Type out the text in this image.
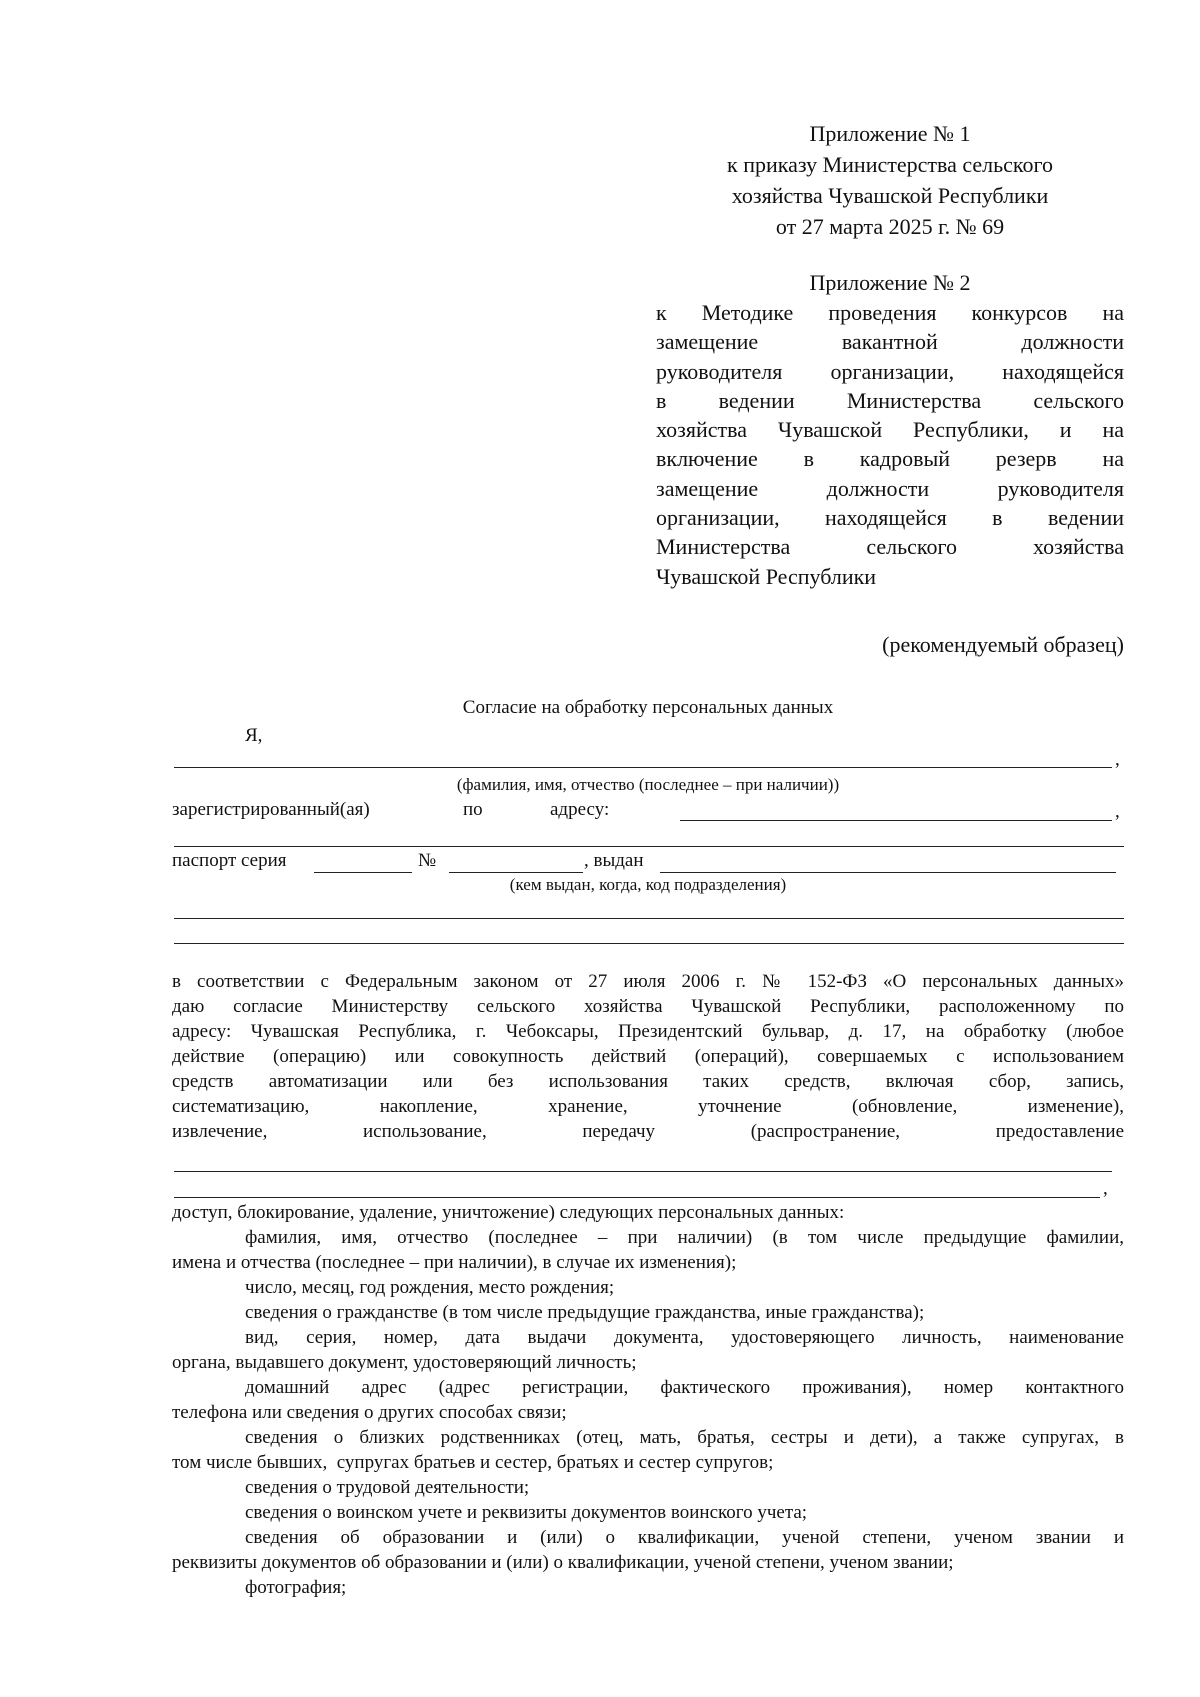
Приложение № 1
к приказу Министерства сельского
хозяйства Чувашской Республики
от 27 марта 2025 г. № 69
Приложение № 2
к Методике проведения конкурсов на
замещение вакантной должности
руководителя организации, находящейся
в ведении Министерства сельского
хозяйства Чувашской Республики, и на
включение в кадровый резерв на
замещение должности руководителя
организации, находящейся в ведении
Министерства сельского хозяйства
Чувашской Республики
(рекомендуемый образец)
Согласие на обработку персональных данных
Я,
,
(фамилия, имя, отчество (последнее – при наличии))
зарегистрированный(ая)	по	адресу:	,
паспорт серия	№	, выдан
(кем выдан, когда, код подразделения)
в соответствии с Федеральным законом от 27 июля 2006 г. № 152-ФЗ «О персональных данных»
даю согласие Министерству сельского хозяйства Чувашской Республики, расположенному по
адресу: Чувашская Республика, г. Чебоксары, Президентский бульвар, д. 17, на обработку (любое
действие (операцию) или совокупность действий (операций), совершаемых с использованием
средств автоматизации или без использования таких средств, включая сбор, запись,
систематизацию, накопление, хранение, уточнение (обновление, изменение),
извлечение, использование, передачу (распространение, предоставление
,
доступ, блокирование, удаление, уничтожение) следующих персональных данных:
фамилия, имя, отчество (последнее – при наличии) (в том числе предыдущие фамилии,
имена и отчества (последнее – при наличии), в случае их изменения);
число, месяц, год рождения, место рождения;
сведения о гражданстве (в том числе предыдущие гражданства, иные гражданства);
вид, серия, номер, дата выдачи документа, удостоверяющего личность, наименование
органа, выдавшего документ, удостоверяющий личность;
домашний адрес (адрес регистрации, фактического проживания), номер контактного
телефона или сведения о других способах связи;
сведения о близких родственниках (отец, мать, братья, сестры и дети), а также супругах, в
том числе бывших,  супругах братьев и сестер, братьях и сестер супругов;
сведения о трудовой деятельности;
сведения о воинском учете и реквизиты документов воинского учета;
сведения об образовании и (или) о квалификации, ученой степени, ученом звании и
реквизиты документов об образовании и (или) о квалификации, ученой степени, ученом звании;
фотография;
